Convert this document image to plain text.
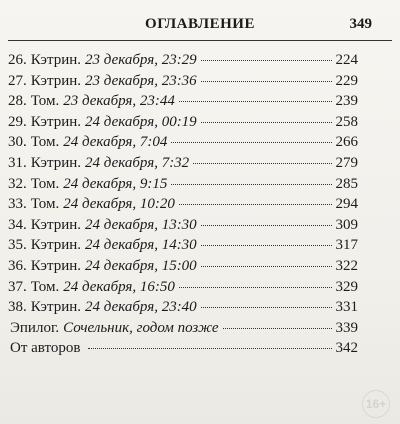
ОГЛАВЛЕНИЕ	349
26. Кэтрин. 23 декабря, 23:29	224
27. Кэтрин. 23 декабря, 23:36	229
28. Том. 23 декабря, 23:44	239
29. Кэтрин. 24 декабря, 00:19	258
30. Том. 24 декабря, 7:04	266
31. Кэтрин. 24 декабря, 7:32	279
32. Том. 24 декабря, 9:15	285
33. Том. 24 декабря, 10:20	294
34. Кэтрин. 24 декабря, 13:30	309
35. Кэтрин. 24 декабря, 14:30	317
36. Кэтрин. 24 декабря, 15:00	322
37. Том. 24 декабря, 16:50	329
38. Кэтрин. 24 декабря, 23:40	331
Эпилог. Сочельник, годом позже	339
От авторов	342
16+
